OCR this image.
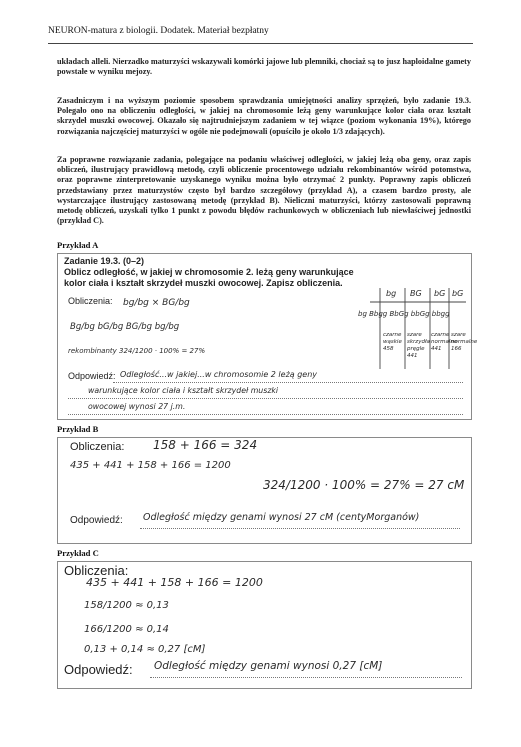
NEURON-matura z biologii. Dodatek. Materiał bezpłatny
układach alleli. Nierzadko maturzyści wskazywali komórki jajowe lub plemniki, chociaż są to jusz haploidalne gamety powstałe w wyniku mejozy.
Zasadniczym i na wyższym poziomie sposobem sprawdzania umiejętności analizy sprzężeń, było zadanie 19.3. Polegało ono na obliczeniu odległości, w jakiej na chromosomie leżą geny warunkujące kolor ciała oraz kształt skrzydeł muszki owocowej. Okazało się najtrudniejszym zadaniem w tej wiązce (poziom wykonania 19%), którego rozwiązania najczęściej maturzyści w ogóle nie podejmowali (opuściło je około 1/3 zdających).
Za poprawne rozwiązanie zadania, polegające na podaniu właściwej odległości, w jakiej leżą oba geny, oraz zapis obliczeń, ilustrujący prawidłową metodę, czyli obliczenie procentowego udziału rekombinantów wśród potomstwa, oraz poprawne zinterpretowanie uzyskanego wyniku można było otrzymać 2 punkty. Poprawny zapis obliczeń przedstawiany przez maturzystów często był bardzo szczegółowy (przykład A), a czasem bardzo prosty, ale wystarczające ilustrujący zastosowaną metodę (przykład B). Nieliczni maturzyści, którzy zastosowali poprawną metodę obliczeń, uzyskali tylko 1 punkt z powodu błędów rachunkowych w obliczeniach lub niewłaściwej jednostki (przykład C).
Przykład A
Zadanie 19.3. (0–2)
Oblicz odległość, w jakiej w chromosomie 2. leżą geny warunkujące kolor ciała i kształt skrzydeł muszki owocowej. Zapisz obliczenia.
Obliczenia: bg/bg × BG/bg
Bg/bg bG/bg BG/bg bg/bg
rekombinanty 324/1200 · 100% = 27%
Odpowiedź: Odległość...w jakiej...w chromosomie 2 leżą geny
warunkujące kolor ciała i kształt skrzydeł muszki
owocowej wynosi 27 j.m.
bg BG bG bG
bg Bbgg BbGg bbGg bbgg
czarne wąskie 458
szare skrzydła pręgle 441
czarne normalne 441
szare normalne 166
Przykład B
Obliczenia: 158 + 166 = 324
435 + 441 + 158 + 166 = 1200
324/1200 · 100% = 27% = 27 cM
Odpowiedź: Odległość między genami wynosi 27 cM (centyMorganów)
Przykład C
Obliczenia:
435 + 441 + 158 + 166 = 1200
158/1200 ≈ 0,13
166/1200 ≈ 0,14
0,13 + 0,14 ≈ 0,27 [cM]
Odpowiedź: Odległość między genami wynosi 0,27 [cM]
